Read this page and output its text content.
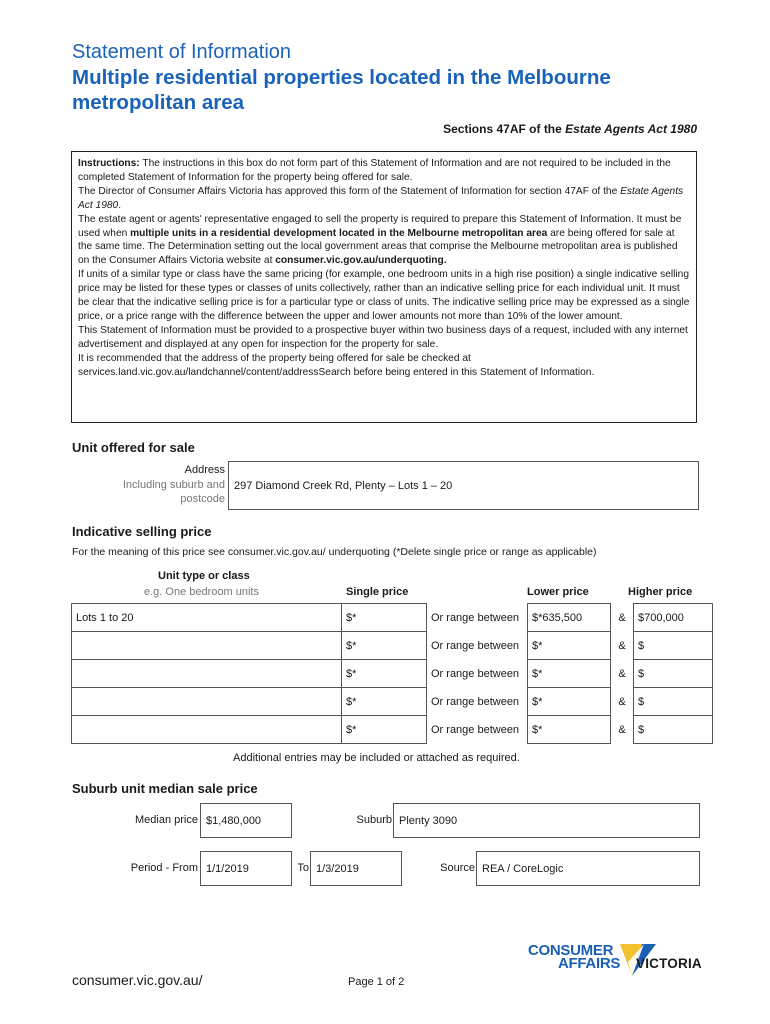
Statement of Information
Multiple residential properties located in the Melbourne
metropolitan area
Sections 47AF of the Estate Agents Act 1980

Instructions: The instructions in this box do not form part of this Statement of Information and are not required to be included in the completed Statement of Information for the property being offered for sale.

The Director of Consumer Affairs Victoria has approved this form of the Statement of Information for section 47AF of the Estate Agents Act 1980.

The estate agent or agents' representative engaged to sell the property is required to prepare this Statement of Information. It must be used when multiple units in a residential development located in the Melbourne metropolitan area are being offered for sale at the same time. The Determination setting out the local government areas that comprise the Melbourne metropolitan area is published on the Consumer Affairs Victoria website at consumer.vic.gov.au/underquoting.

If units of a similar type or class have the same pricing (for example, one bedroom units in a high rise position) a single indicative selling price may be listed for these types or classes of units collectively, rather than an indicative selling price for each individual unit. It must be clear that the indicative selling price is for a particular type or class of units. The indicative selling price may be expressed as a single price, or a price range with the difference between the upper and lower amounts not more than 10% of the lower amount.

This Statement of Information must be provided to a prospective buyer within two business days of a request, included with any internet advertisement and displayed at any open for inspection for the property for sale.

It is recommended that the address of the property being offered for sale be checked at services.land.vic.gov.au/landchannel/content/addressSearch before being entered in this Statement of Information.

Unit offered for sale
Address
Including suburb and
postcode
297 Diamond Creek Rd, Plenty – Lots 1 – 20
Indicative selling price
For the meaning of this price see consumer.vic.gov.au/ underquoting (*Delete single price or range as applicable)
Unit type or class
e.g. One bedroom units	Single price	Lower price	Higher price
Lots 1 to 20	$*	Or range between	$*635,500	&	$700,000
	$*	Or range between	$*	&	$
	$*	Or range between	$*	&	$
	$*	Or range between	$*	&	$
	$*	Or range between	$*	&	$
Additional entries may be included or attached as required.
Suburb unit median sale price
Median price $1,480,000	Suburb Plenty 3090
Period - From 1/1/2019	To 1/3/2019	Source REA / CoreLogic
consumer.vic.gov.au/	Page 1 of 2
CONSUMER
AFFAIRS VICTORIA
